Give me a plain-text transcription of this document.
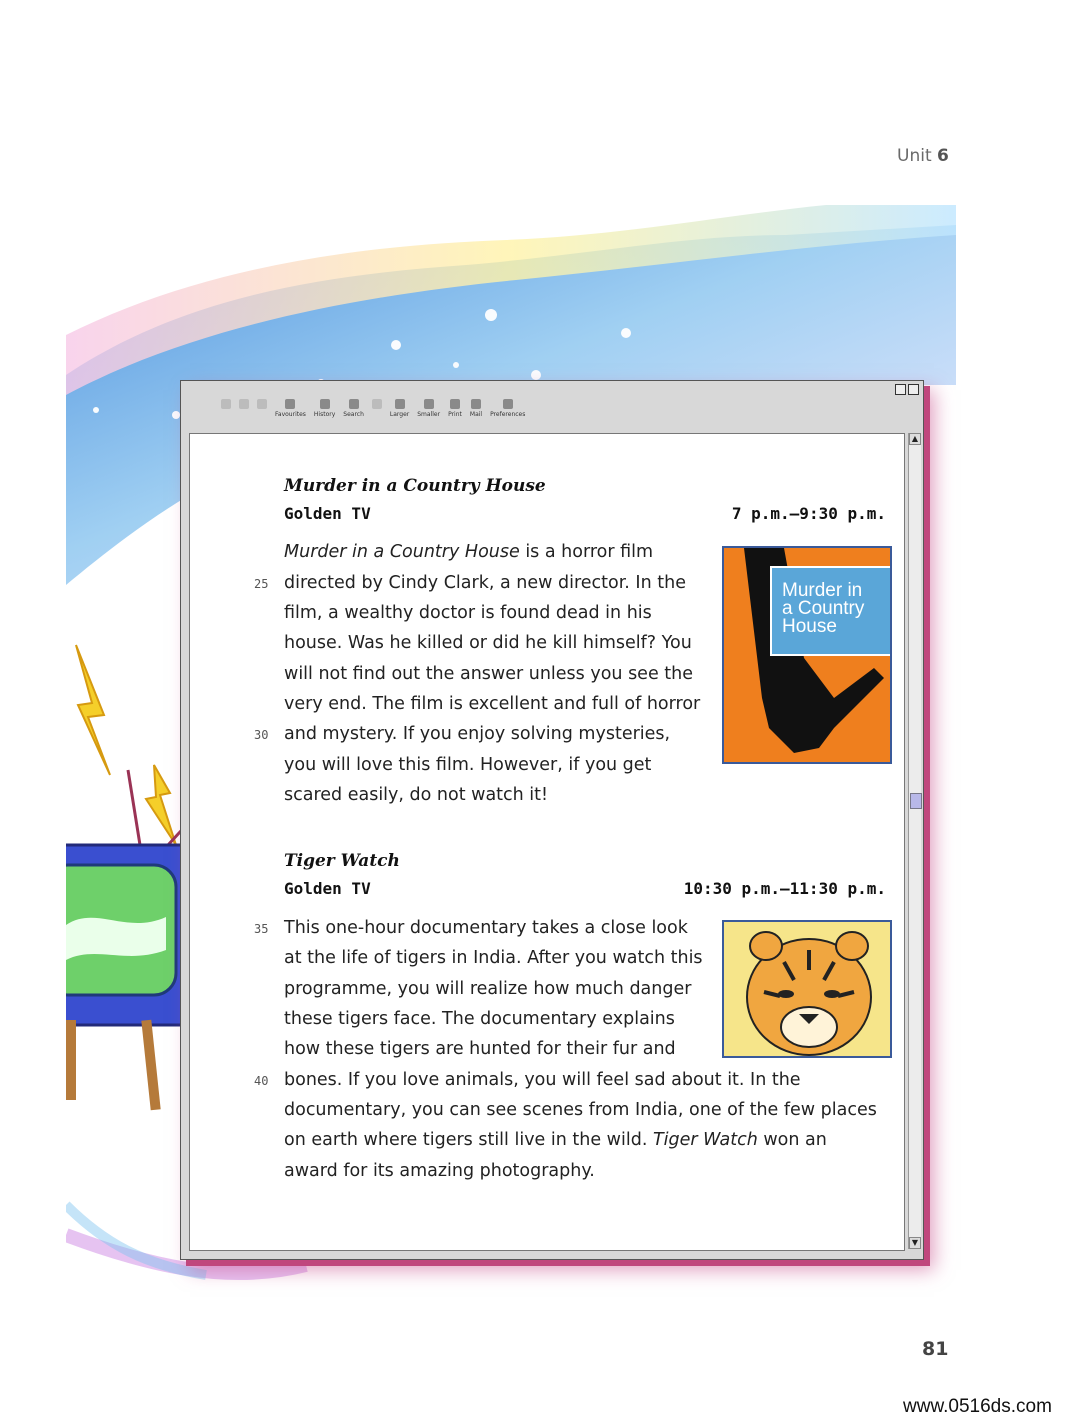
Unit 6
Favourites History Search	Larger Smaller Print Mail Preferences
Murder in a Country House
Golden TV	7 p.m.–9:30 p.m.
Murder in a Country House is a horror film
25 directed by Cindy Clark, a new director. In the
film, a wealthy doctor is found dead in his
house. Was he killed or did he kill himself? You
will not find out the answer unless you see the
very end. The film is excellent and full of horror
30 and mystery. If you enjoy solving mysteries,
you will love this film. However, if you get
scared easily, do not watch it!
Murder in
a Country
House
Tiger Watch
Golden TV	10:30 p.m.–11:30 p.m.
35 This one-hour documentary takes a close look
at the life of tigers in India. After you watch this
programme, you will realize how much danger
these tigers face. The documentary explains
how these tigers are hunted for their fur and
40 bones. If you love animals, you will feel sad about it. In the
documentary, you can see scenes from India, one of the few places
on earth where tigers still live in the wild. Tiger Watch won an
award for its amazing photography.
▲
▼
81
www.0516ds.com
